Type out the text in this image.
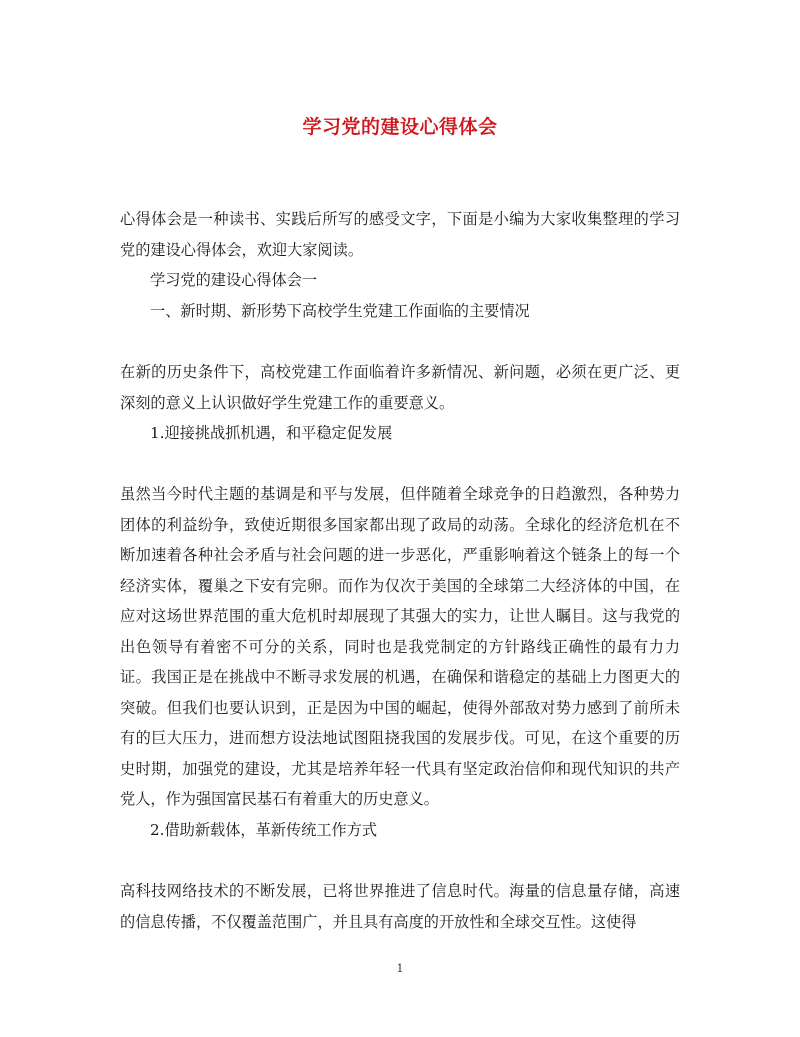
学习党的建设心得体会

心得体会是一种读书、实践后所写的感受文字，下面是小编为大家收集整理的学习党的建设心得体会，欢迎大家阅读。

学习党的建设心得体会一

一、新时期、新形势下高校学生党建工作面临的主要情况

在新的历史条件下，高校党建工作面临着许多新情况、新问题，必须在更广泛、更深刻的意义上认识做好学生党建工作的重要意义。

1.迎接挑战抓机遇，和平稳定促发展

虽然当今时代主题的基调是和平与发展，但伴随着全球竞争的日趋激烈，各种势力团体的利益纷争，致使近期很多国家都出现了政局的动荡。全球化的经济危机在不断加速着各种社会矛盾与社会问题的进一步恶化，严重影响着这个链条上的每一个经济实体，覆巢之下安有完卵。而作为仅次于美国的全球第二大经济体的中国，在应对这场世界范围的重大危机时却展现了其强大的实力，让世人瞩目。这与我党的出色领导有着密不可分的关系，同时也是我党制定的方针路线正确性的最有力力证。我国正是在挑战中不断寻求发展的机遇，在确保和谐稳定的基础上力图更大的突破。但我们也要认识到，正是因为中国的崛起，使得外部敌对势力感到了前所未有的巨大压力，进而想方设法地试图阻挠我国的发展步伐。可见，在这个重要的历史时期，加强党的建设，尤其是培养年轻一代具有坚定政治信仰和现代知识的共产党人，作为强国富民基石有着重大的历史意义。

2.借助新载体，革新传统工作方式

高科技网络技术的不断发展，已将世界推进了信息时代。海量的信息量存储，高速的信息传播，不仅覆盖范围广，并且具有高度的开放性和全球交互性。这使得

1
